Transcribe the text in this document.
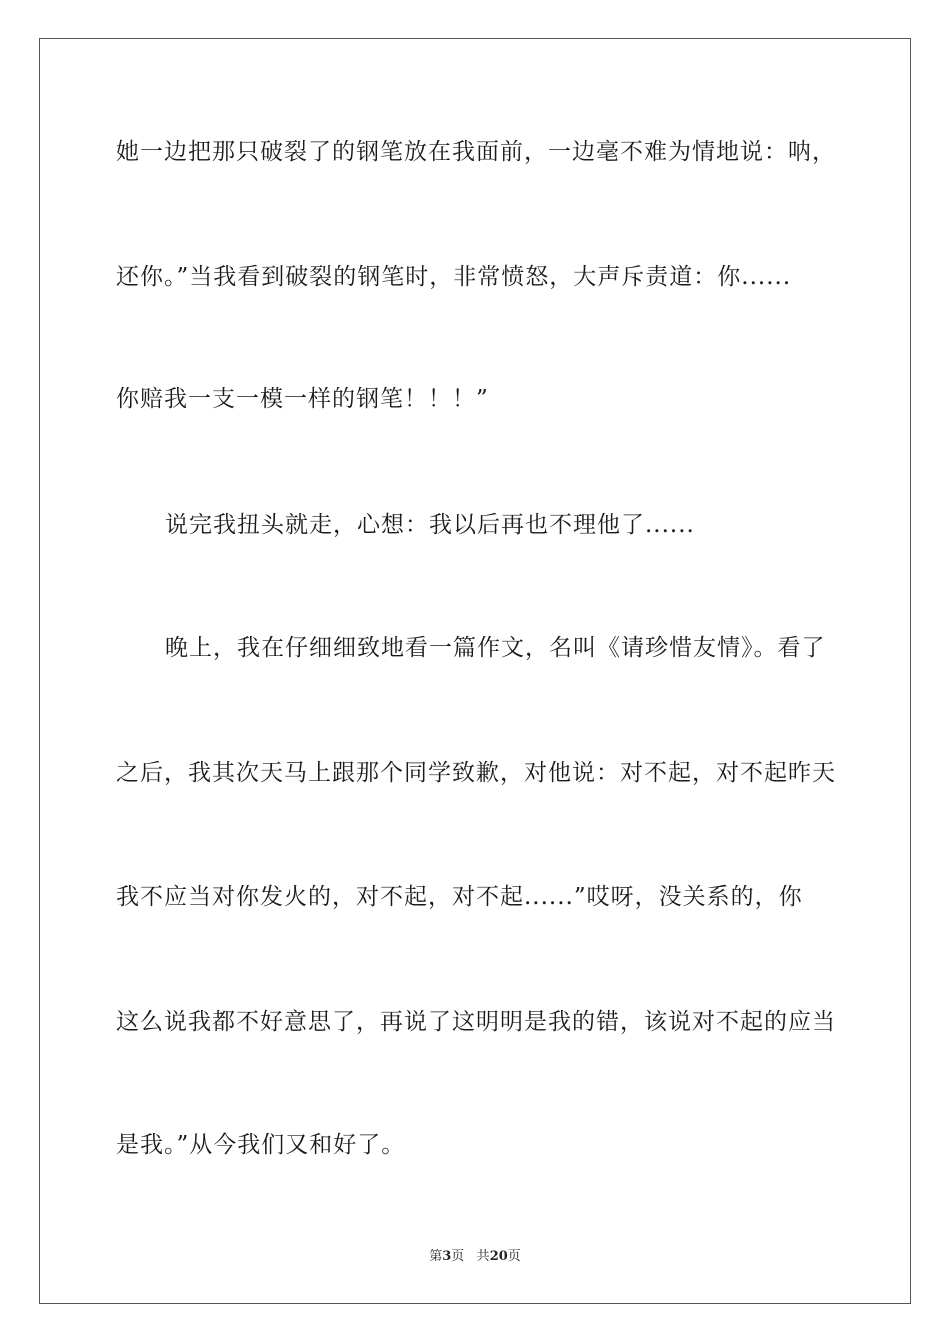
她一边把那只破裂了的钢笔放在我面前，一边毫不难为情地说：呐，
还你。”当我看到破裂的钢笔时，非常愤怒，大声斥责道：你......
你赔我一支一模一样的钢笔！！！”
说完我扭头就走，心想：我以后再也不理他了......
晚上，我在仔细细致地看一篇作文，名叫《请珍惜友情》。看了
之后，我其次天马上跟那个同学致歉，对他说：对不起，对不起昨天
我不应当对你发火的，对不起，对不起......”哎呀，没关系的，你
这么说我都不好意思了，再说了这明明是我的错，该说对不起的应当
是我。”从今我们又和好了。
第3页 共20页
